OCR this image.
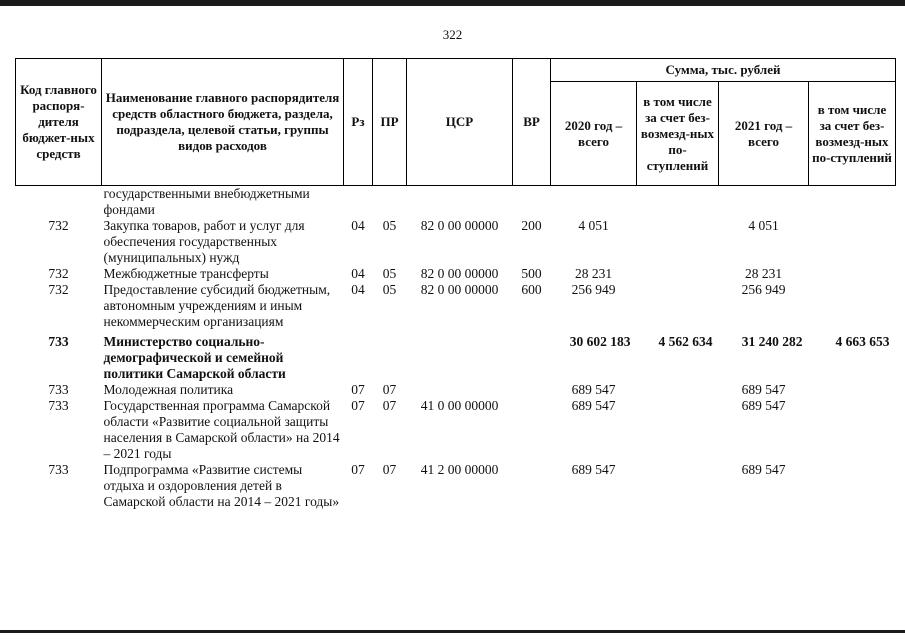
322
Код главного распоря-дителя бюджет-ных средств	Наименование главного распорядителя средств областного бюджета, раздела, подраздела, целевой статьи, группы видов расходов	Рз	ПР	ЦСР	ВР	Сумма, тыс. рублей			
						2020 год – всего	в том числе за счет без-возмезд-ных по-ступлений	2021 год – всего	в том числе за счет без-возмезд-ных по-ступлений
	государственными внебюджетными фондами								
732	Закупка товаров, работ и услуг для обеспечения государственных (муниципальных) нужд	04	05	82 0 00 00000	200	4 051		4 051	
732	Межбюджетные трансферты	04	05	82 0 00 00000	500	28 231		28 231	
732	Предоставление субсидий бюджетным, автономным учреждениям и иным некоммерческим организациям	04	05	82 0 00 00000	600	256 949		256 949	
733	Министерство социально-демографической и семейной политики Самарской области					30 602 183	4 562 634	31 240 282	4 663 653
733	Молодежная политика	07	07			689 547		689 547	
733	Государственная программа Самарской области «Развитие социальной защиты населения в Самарской области» на 2014 – 2021 годы	07	07	41 0 00 00000		689 547		689 547	
733	Подпрограмма «Развитие системы отдыха и оздоровления детей в Самарской области на 2014 – 2021 годы»	07	07	41 2 00 00000		689 547		689 547	
